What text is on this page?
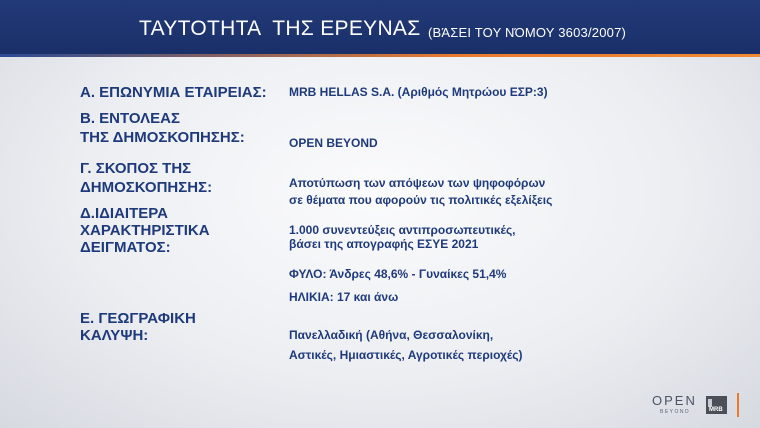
ΤΑΥΤΟΤΗΤΑ  ΤΗΣ ΕΡΕΥΝΑΣ (ΒΆΣΕΙ ΤΟΥ ΝΌΜΟΥ 3603/2007)
Α. ΕΠΩΝΥΜΙΑ ΕΤΑΙΡΕΙΑΣ:
Β. ΕΝΤΟΛΕΑΣ
ΤΗΣ ΔΗΜΟΣΚΟΠΗΣΗΣ:
Γ. ΣΚΟΠΟΣ ΤΗΣ
ΔΗΜΟΣΚΟΠΗΣΗΣ:
Δ.ΙΔΙΑΙΤΕΡΑ
ΧΑΡΑΚΤΗΡΙΣΤΙΚΑ
ΔΕΙΓΜΑΤΟΣ:
Ε. ΓΕΩΓΡΑΦΙΚΗ
ΚΑΛΥΨΗ:
MRB HELLAS S.A. (Αριθμός Μητρώου ΕΣΡ:3)
OPEN BEYOND
Αποτύπωση των απόψεων των ψηφοφόρων
σε θέματα που αφορούν τις πολιτικές εξελίξεις
1.000 συνεντεύξεις αντιπροσωπευτικές,
βάσει της απογραφής ΕΣΥΕ 2021
ΦΥΛΟ: Άνδρες 48,6% - Γυναίκες 51,4%
ΗΛΙΚΙΑ: 17 και άνω
Πανελλαδική (Αθήνα, Θεσσαλονίκη,
Αστικές, Ημιαστικές, Αγροτικές περιοχές)
OPEN
BEYOND	MRB
